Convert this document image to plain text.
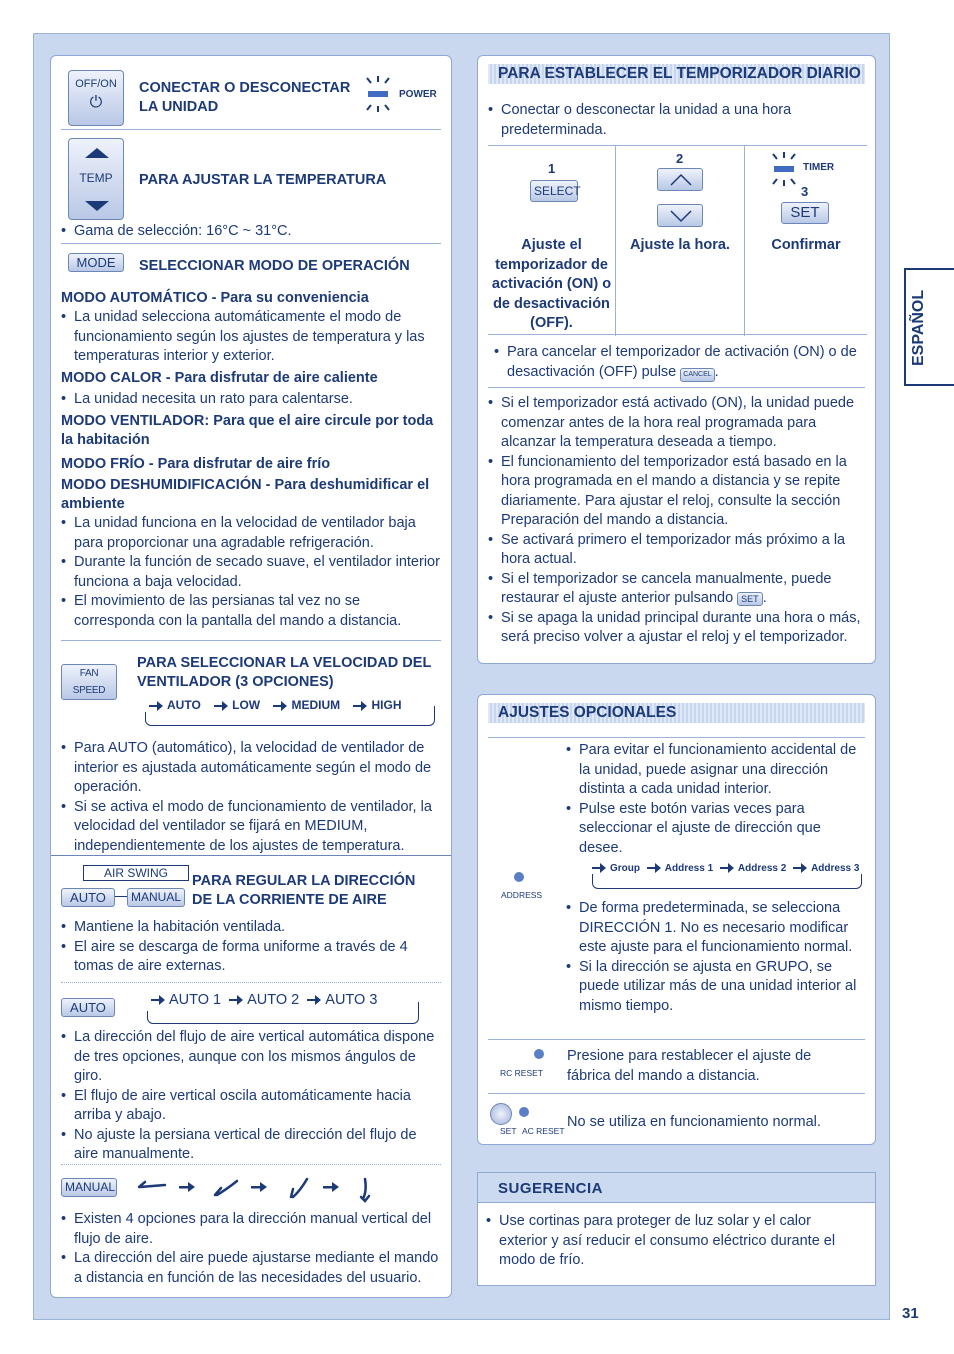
OFF/ON
⏻
CONECTAR O DESCONECTAR
LA UNIDAD
POWER
TEMP	PARA AJUSTAR LA TEMPERATURA
• Gama de selección: 16°C ~ 31°C.
MODE	SELECCIONAR MODO DE OPERACIÓN
MODO AUTOMÁTICO - Para su conveniencia
• La unidad selecciona automáticamente el modo de funcionamiento según los ajustes de temperatura y las temperaturas interior y exterior.
MODO CALOR - Para disfrutar de aire caliente
• La unidad necesita un rato para calentarse.
MODO VENTILADOR: Para que el aire circule por toda la habitación
MODO FRÍO - Para disfrutar de aire frío
MODO DESHUMIDIFICACIÓN - Para deshumidificar el ambiente
• La unidad funciona en la velocidad de ventilador baja para proporcionar una agradable refrigeración.
• Durante la función de secado suave, el ventilador interior funciona a baja velocidad.
• El movimiento de las persianas tal vez no se corresponda con la pantalla del mando a distancia.
FAN SPEED
PARA SELECCIONAR LA VELOCIDAD DEL
VENTILADOR (3 OPCIONES)
AUTO	LOW	MEDIUM	HIGH
• Para AUTO (automático), la velocidad de ventilador de interior es ajustada automáticamente según el modo de operación.
• Si se activa el modo de funcionamiento de ventilador, la velocidad del ventilador se fijará en MEDIUM, independientemente de los ajustes de temperatura.
AIR SWING
AUTO	MANUAL
PARA REGULAR LA DIRECCIÓN
DE LA CORRIENTE DE AIRE
• Mantiene la habitación ventilada.
• El aire se descarga de forma uniforme a través de 4 tomas de aire externas.
AUTO	AUTO 1 AUTO 2 AUTO 3
• La dirección del flujo de aire vertical automática dispone de tres opciones, aunque con los mismos ángulos de giro.
• El flujo de aire vertical oscila automáticamente hacia arriba y abajo.
• No ajuste la persiana vertical de dirección del flujo de aire manualmente.
MANUAL
• Existen 4 opciones para la dirección manual vertical del flujo de aire.
• La dirección del aire puede ajustarse mediante el mando a distancia en función de las necesidades del usuario.
PARA ESTABLECER EL TEMPORIZADOR DIARIO
• Conectar o desconectar la unidad a una hora predeterminada.
1
SELECT
Ajuste el
temporizador de
activación (ON) o
de desactivación
(OFF).
2
Ajuste la hora.
TIMER
3
SET
Confirmar
• Para cancelar el temporizador de activación (ON) o de desactivación (OFF) pulse CANCEL .
• Si el temporizador está activado (ON), la unidad puede comenzar antes de la hora real programada para alcanzar la temperatura deseada a tiempo.
• El funcionamiento del temporizador está basado en la hora programada en el mando a distancia y se repite diariamente. Para ajustar el reloj, consulte la sección Preparación del mando a distancia.
• Se activará primero el temporizador más próximo a la hora actual.
• Si el temporizador se cancela manualmente, puede restaurar el ajuste anterior pulsando SET .
• Si se apaga la unidad principal durante una hora o más, será preciso volver a ajustar el reloj y el temporizador.
AJUSTES OPCIONALES
ADDRESS
• Para evitar el funcionamiento accidental de la unidad, puede asignar una dirección distinta a cada unidad interior.
• Pulse este botón varias veces para seleccionar el ajuste de dirección que desee.
Group Address 1 Address 2 Address 3
• De forma predeterminada, se selecciona DIRECCIÓN 1. No es necesario modificar este ajuste para el funcionamiento normal.
• Si la dirección se ajusta en GRUPO, se puede utilizar más de una unidad interior al mismo tiempo.
RC RESET
Presione para restablecer el ajuste de fábrica del mando a distancia.
SET AC RESET
No se utiliza en funcionamiento normal.
SUGERENCIA
• Use cortinas para proteger de luz solar y el calor exterior y así reducir el consumo eléctrico durante el modo de frío.
ESPAÑOL
31
